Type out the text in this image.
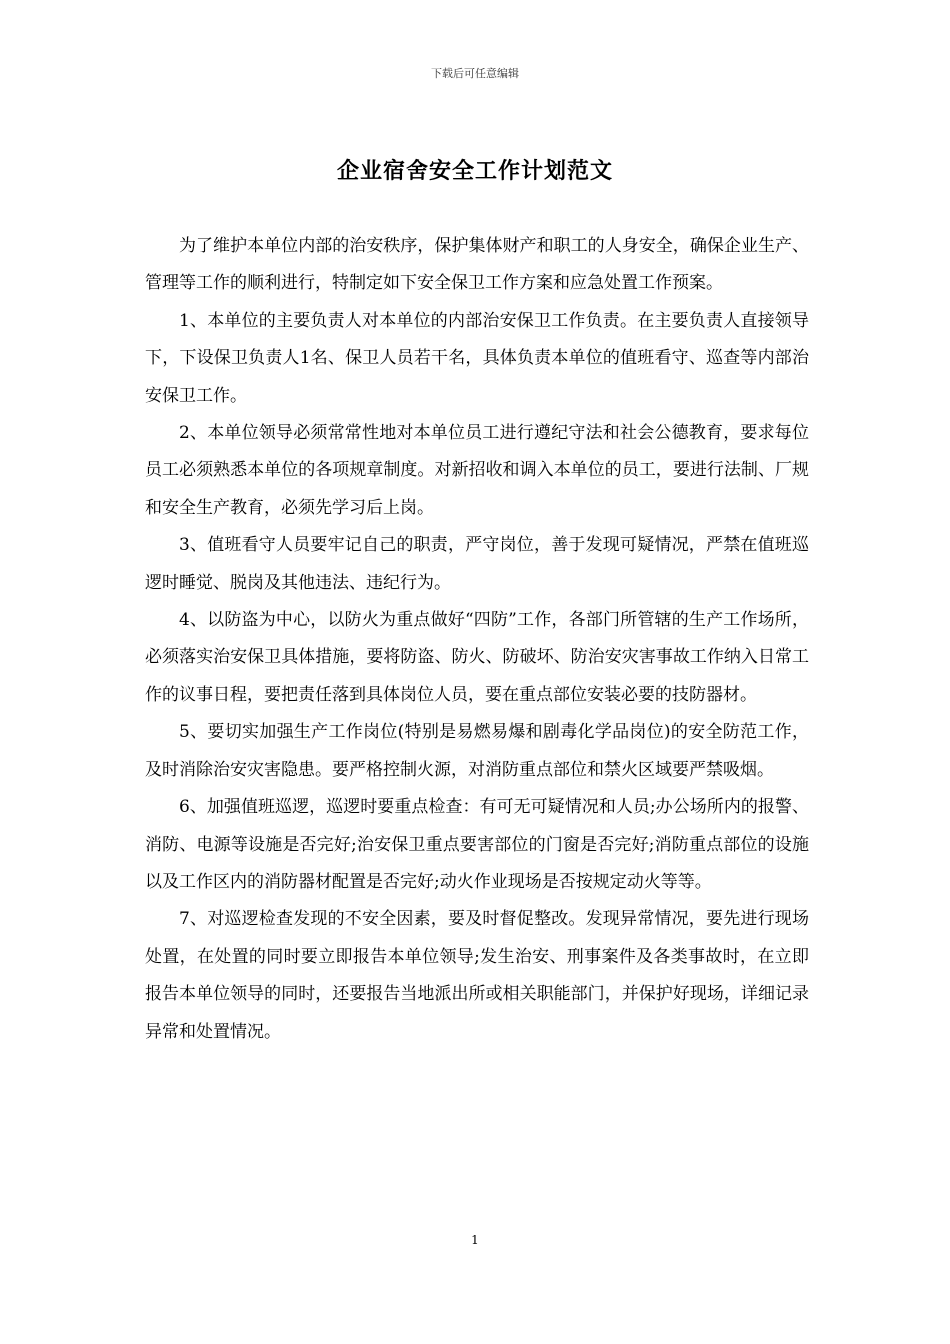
下载后可任意编辑
企业宿舍安全工作计划范文

为了维护本单位内部的治安秩序，保护集体财产和职工的人身安全，确保企业生产、管理等工作的顺利进行，特制定如下安全保卫工作方案和应急处置工作预案。

1、本单位的主要负责人对本单位的内部治安保卫工作负责。在主要负责人直接领导下，下设保卫负责人1名、保卫人员若干名，具体负责本单位的值班看守、巡查等内部治安保卫工作。

2、本单位领导必须常常性地对本单位员工进行遵纪守法和社会公德教育，要求每位员工必须熟悉本单位的各项规章制度。对新招收和调入本单位的员工，要进行法制、厂规和安全生产教育，必须先学习后上岗。

3、值班看守人员要牢记自己的职责，严守岗位，善于发现可疑情况，严禁在值班巡逻时睡觉、脱岗及其他违法、违纪行为。

4、以防盗为中心，以防火为重点做好“四防”工作，各部门所管辖的生产工作场所，必须落实治安保卫具体措施，要将防盗、防火、防破坏、防治安灾害事故工作纳入日常工作的议事日程，要把责任落到具体岗位人员，要在重点部位安装必要的技防器材。

5、要切实加强生产工作岗位(特别是易燃易爆和剧毒化学品岗位)的安全防范工作，及时消除治安灾害隐患。要严格控制火源，对消防重点部位和禁火区域要严禁吸烟。

6、加强值班巡逻，巡逻时要重点检查：有可无可疑情况和人员;办公场所内的报警、消防、电源等设施是否完好;治安保卫重点要害部位的门窗是否完好;消防重点部位的设施以及工作区内的消防器材配置是否完好;动火作业现场是否按规定动火等等。

7、对巡逻检查发现的不安全因素，要及时督促整改。发现异常情况，要先进行现场处置，在处置的同时要立即报告本单位领导;发生治安、刑事案件及各类事故时，在立即报告本单位领导的同时，还要报告当地派出所或相关职能部门，并保护好现场，详细记录异常和处置情况。

1
